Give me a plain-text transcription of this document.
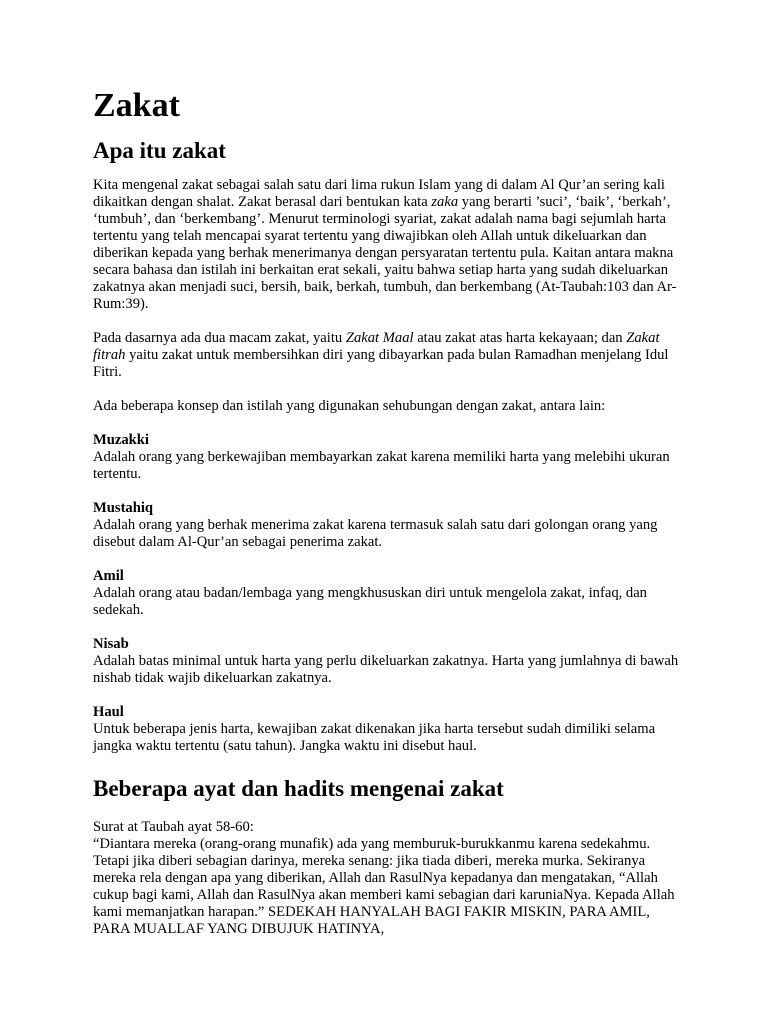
Zakat
Apa itu zakat

Kita mengenal zakat sebagai salah satu dari lima rukun Islam yang di dalam Al Qur’an sering kali dikaitkan dengan shalat. Zakat berasal dari bentukan kata zaka yang berarti ’suci’, ‘baik’, ‘berkah’, ‘tumbuh’, dan ‘berkembang’. Menurut terminologi syariat, zakat adalah nama bagi sejumlah harta tertentu yang telah mencapai syarat tertentu yang diwajibkan oleh Allah untuk dikeluarkan dan diberikan kepada yang berhak menerimanya dengan persyaratan tertentu pula. Kaitan antara makna secara bahasa dan istilah ini berkaitan erat sekali, yaitu bahwa setiap harta yang sudah dikeluarkan zakatnya akan menjadi suci, bersih, baik, berkah, tumbuh, dan berkembang (At-Taubah:103 dan Ar-Rum:39).

Pada dasarnya ada dua macam zakat, yaitu Zakat Maal atau zakat atas harta kekayaan; dan Zakat fitrah yaitu zakat untuk membersihkan diri yang dibayarkan pada bulan Ramadhan menjelang Idul Fitri.

Ada beberapa konsep dan istilah yang digunakan sehubungan dengan zakat, antara lain:

Muzakki
Adalah orang yang berkewajiban membayarkan zakat karena memiliki harta yang melebihi ukuran tertentu.

Mustahiq
Adalah orang yang berhak menerima zakat karena termasuk salah satu dari golongan orang yang disebut dalam Al-Qur’an sebagai penerima zakat.

Amil
Adalah orang atau badan/lembaga yang mengkhususkan diri untuk mengelola zakat, infaq, dan sedekah.

Nisab
Adalah batas minimal untuk harta yang perlu dikeluarkan zakatnya. Harta yang jumlahnya di bawah nishab tidak wajib dikeluarkan zakatnya.

Haul
Untuk beberapa jenis harta, kewajiban zakat dikenakan jika harta tersebut sudah dimiliki selama jangka waktu tertentu (satu tahun). Jangka waktu ini disebut haul.

Beberapa ayat dan hadits mengenai zakat

Surat at Taubah ayat 58-60:
“Diantara mereka (orang-orang munafik) ada yang memburuk-burukkanmu karena sedekahmu. Tetapi jika diberi sebagian darinya, mereka senang: jika tiada diberi, mereka murka. Sekiranya mereka rela dengan apa yang diberikan, Allah dan RasulNya kepadanya dan mengatakan, “Allah cukup bagi kami, Allah dan RasulNya akan memberi kami sebagian dari karuniaNya. Kepada Allah kami memanjatkan harapan.” SEDEKAH HANYALAH BAGI FAKIR MISKIN, PARA AMIL, PARA MUALLAF YANG DIBUJUK HATINYA,
